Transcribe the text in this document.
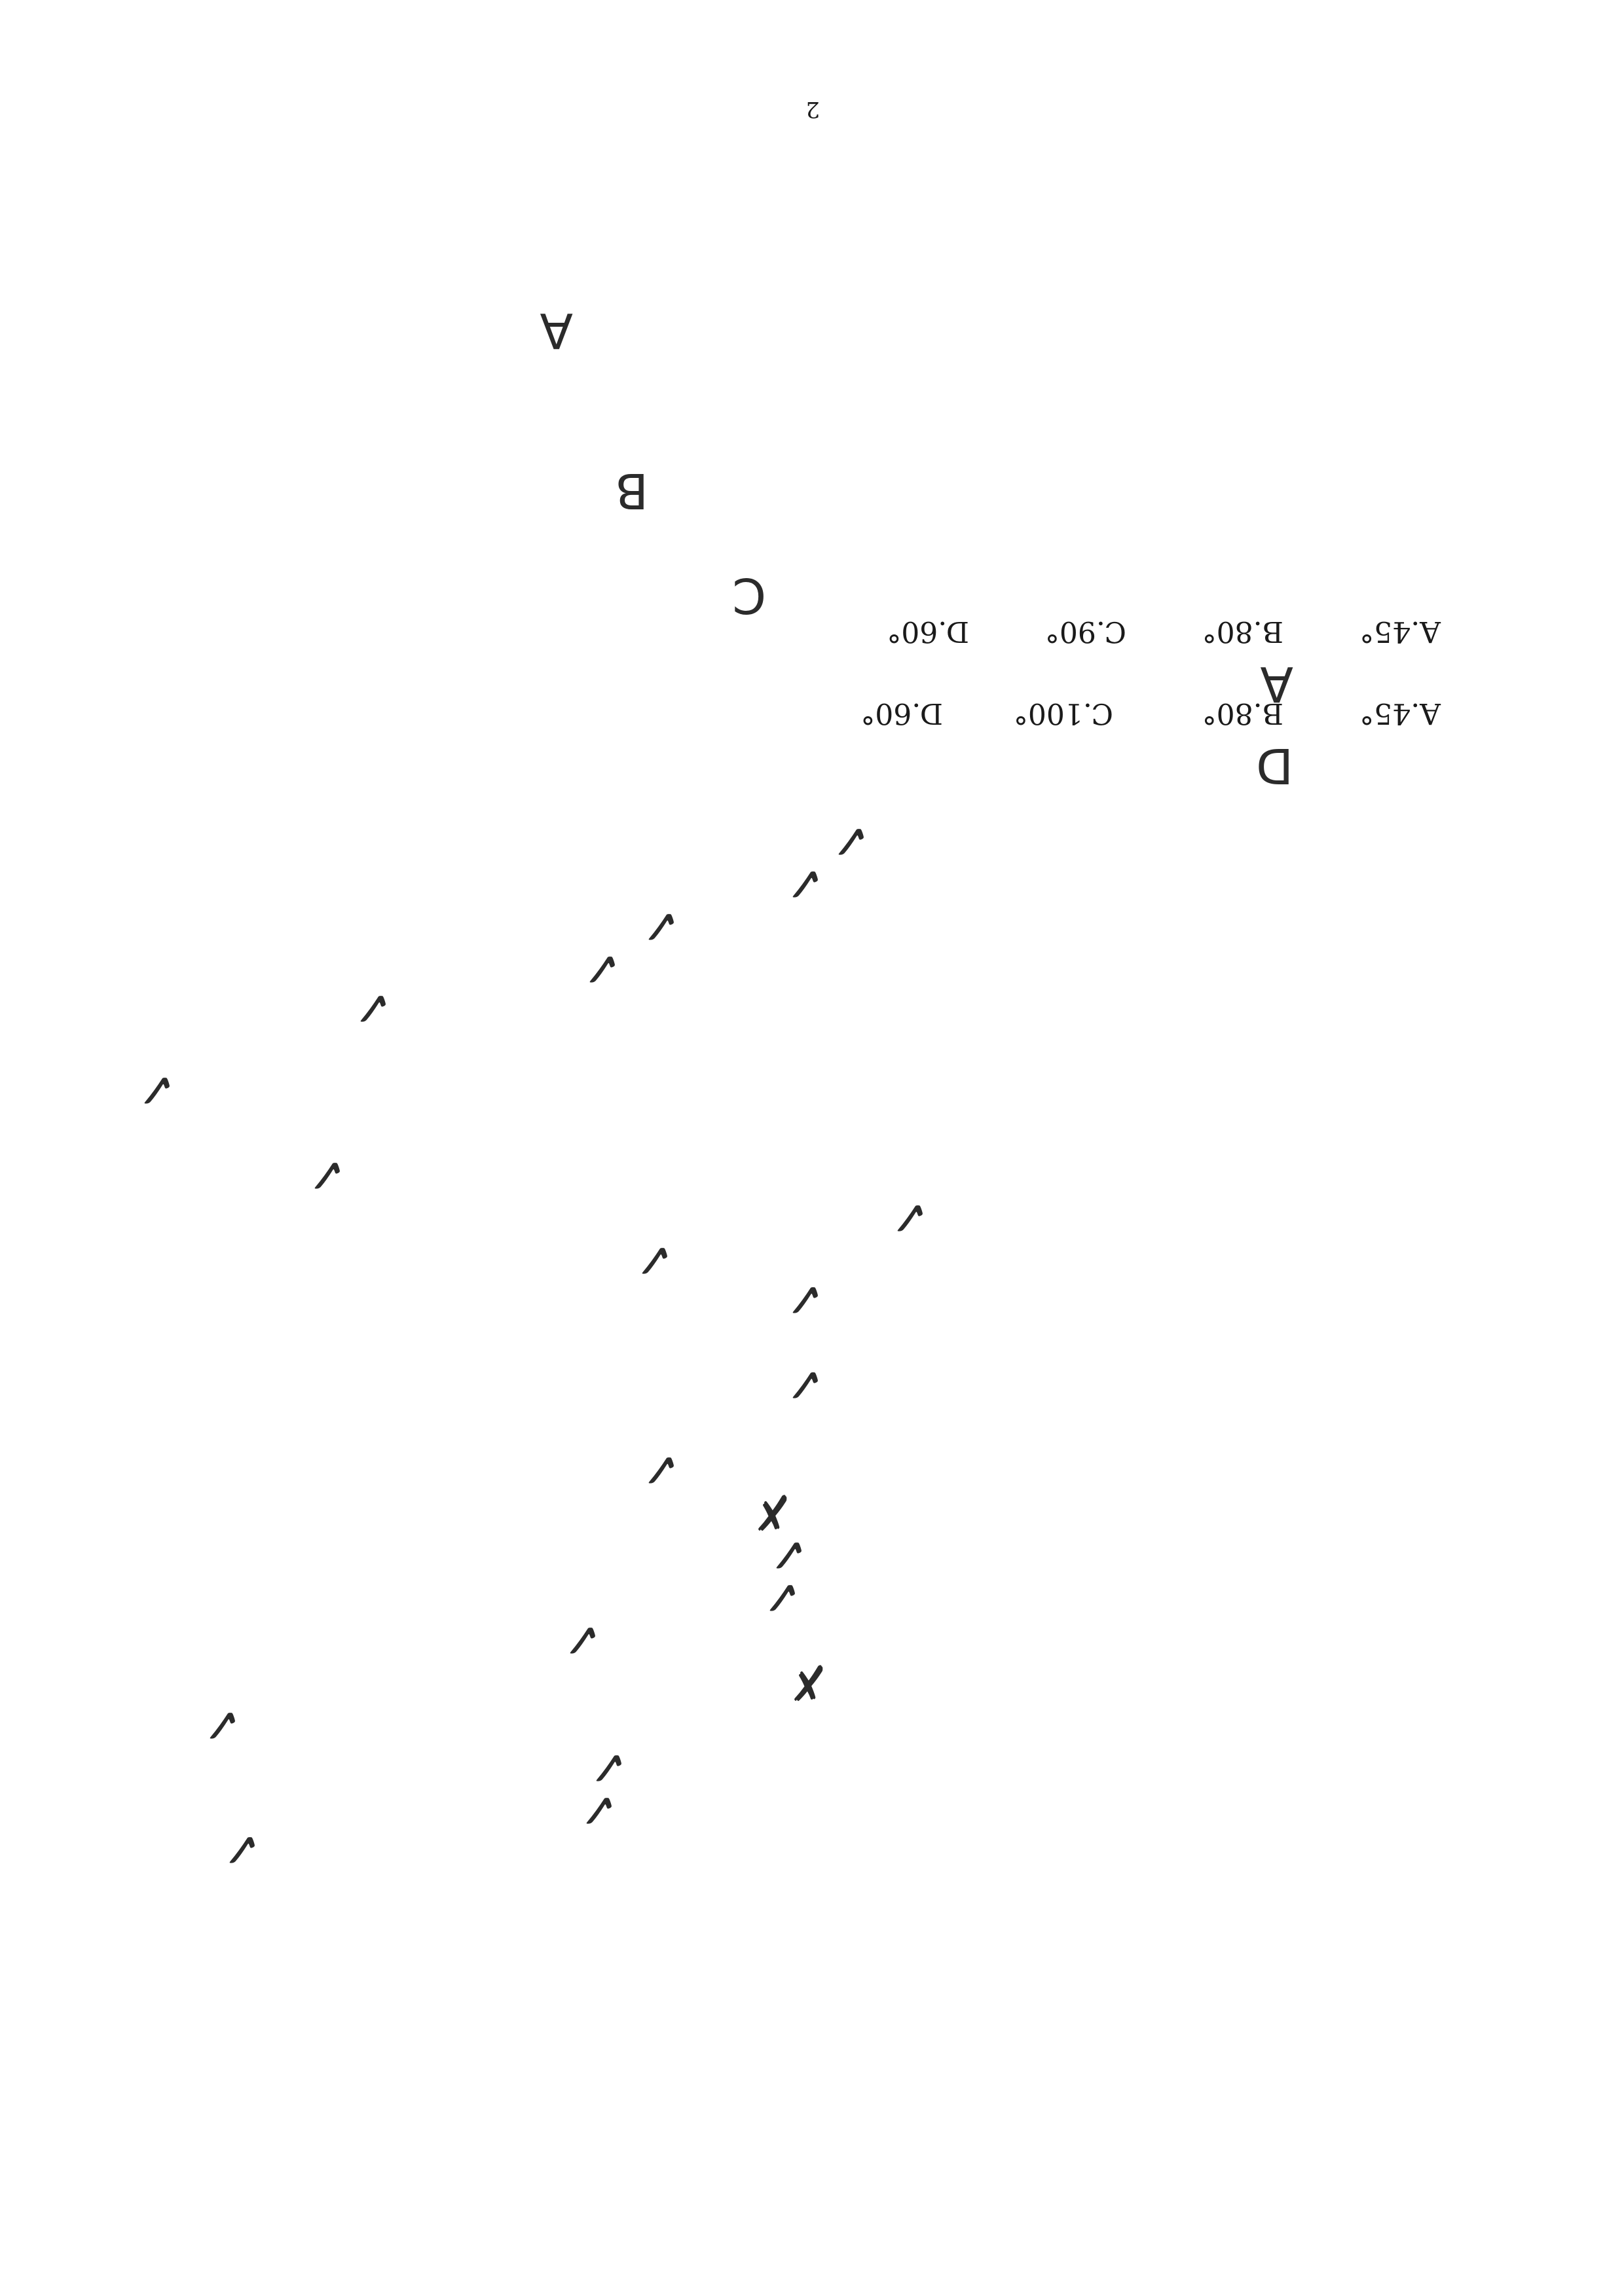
2
A
B
C
A
A.45°
B.80°
C.90°
D.60°
D
A.45°
B.80°
C.100°
D.60°
✓
✓
✓
✓
✓
✓
✓
✓
✓
✓
✓
✓
✗
✓
✓
✓
✗
✓
✓
✓
✓
